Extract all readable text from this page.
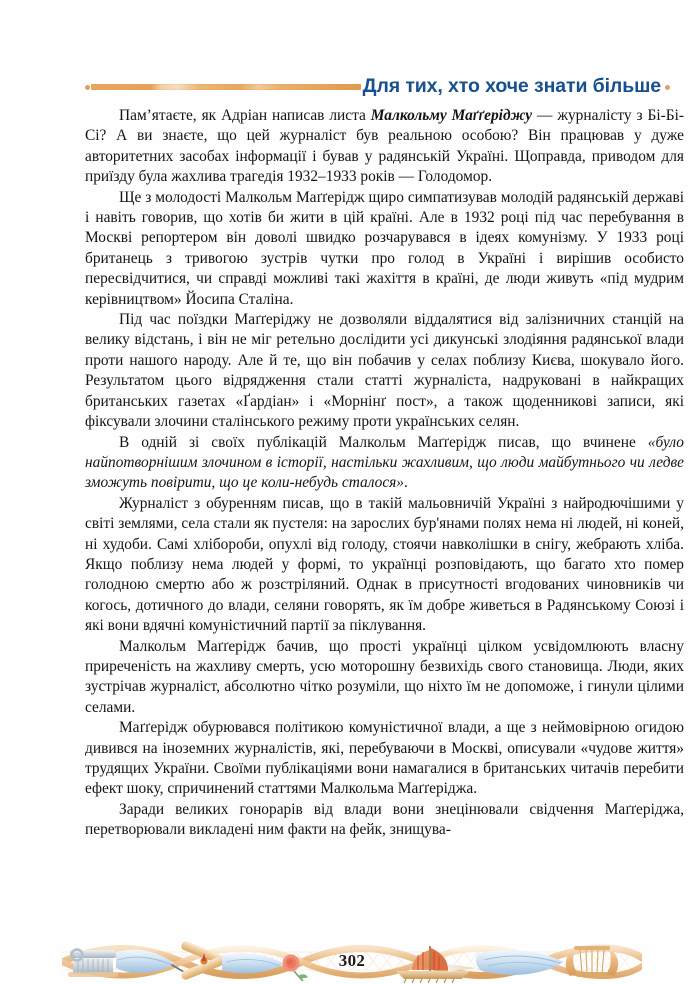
Для тих, хто хоче знати більше

Пам’ятаєте, як Адріан написав листа Малкольму Маґґеріджу — журналісту з Бі-Бі-Сі? А ви знаєте, що цей журналіст був реальною особою? Він працював у дуже авторитетних засобах інформації і бував у радянській Україні. Щоправда, приводом для приїзду була жахлива трагедія 1932–1933 років — Голодомор.

Ще з молодості Малкольм Маґґерідж щиро симпатизував молодій радянській державі і навіть говорив, що хотів би жити в цій країні. Але в 1932 році під час перебування в Москві репортером він доволі швидко розчарувався в ідеях комунізму. У 1933 році британець з тривогою зустрів чутки про голод в Україні і вирішив особисто пересвідчитися, чи справді можливі такі жахіття в країні, де люди живуть «під мудрим керівництвом» Йосипа Сталіна.

Під час поїздки Маґґеріджу не дозволяли віддалятися від залізничних станцій на велику відстань, і він не міг ретельно дослідити усі дикунські злодіяння радянської влади проти нашого народу. Але й те, що він побачив у селах поблизу Києва, шокувало його. Результатом цього відрядження стали статті журналіста, надруковані в найкращих британських газетах «Ґардіан» і «Морнінґ пост», а також щоденникові записи, які фіксували злочини сталінського режиму проти українських селян.

В одній зі своїх публікацій Малкольм Маґґерідж писав, що вчинене «було найпотворнішим злочином в історії, настільки жахливим, що люди майбутнього чи ледве зможуть повірити, що це коли-небудь сталося».

Журналіст з обуренням писав, що в такій мальовничій Україні з найродючішими у світі землями, села стали як пустеля: на зарослих бур'янами полях нема ні людей, ні коней, ні худоби. Самі хлібороби, опухлі від голоду, стоячи навколішки в снігу, жебрають хліба. Якщо поблизу нема людей у формі, то українці розповідають, що багато хто помер голодною смертю або ж розстріляний. Однак в присутності вгодованих чиновників чи когось, дотичного до влади, селяни говорять, як їм добре живеться в Радянському Союзі і які вони вдячні комуністичний партії за піклування.

Малкольм Маґґерідж бачив, що прості українці цілком усвідомлюють власну приреченість на жахливу смерть, усю моторошну безвихідь свого становища. Люди, яких зустрічав журналіст, абсолютно чітко розуміли, що ніхто їм не допоможе, і гинули цілими селами.

Маґґерідж обурювався політикою комуністичної влади, а ще з неймовірною огидою дивився на іноземних журналістів, які, перебуваючи в Москві, описували «чудове життя» трудящих України. Своїми публікаціями вони намагалися в британських читачів перебити ефект шоку, спричинений статтями Малкольма Маґґеріджа.

Заради великих гонорарів від влади вони знецінювали свідчення Маґґеріджа, перетворювали викладені ним факти на фейк, знищува-

302
